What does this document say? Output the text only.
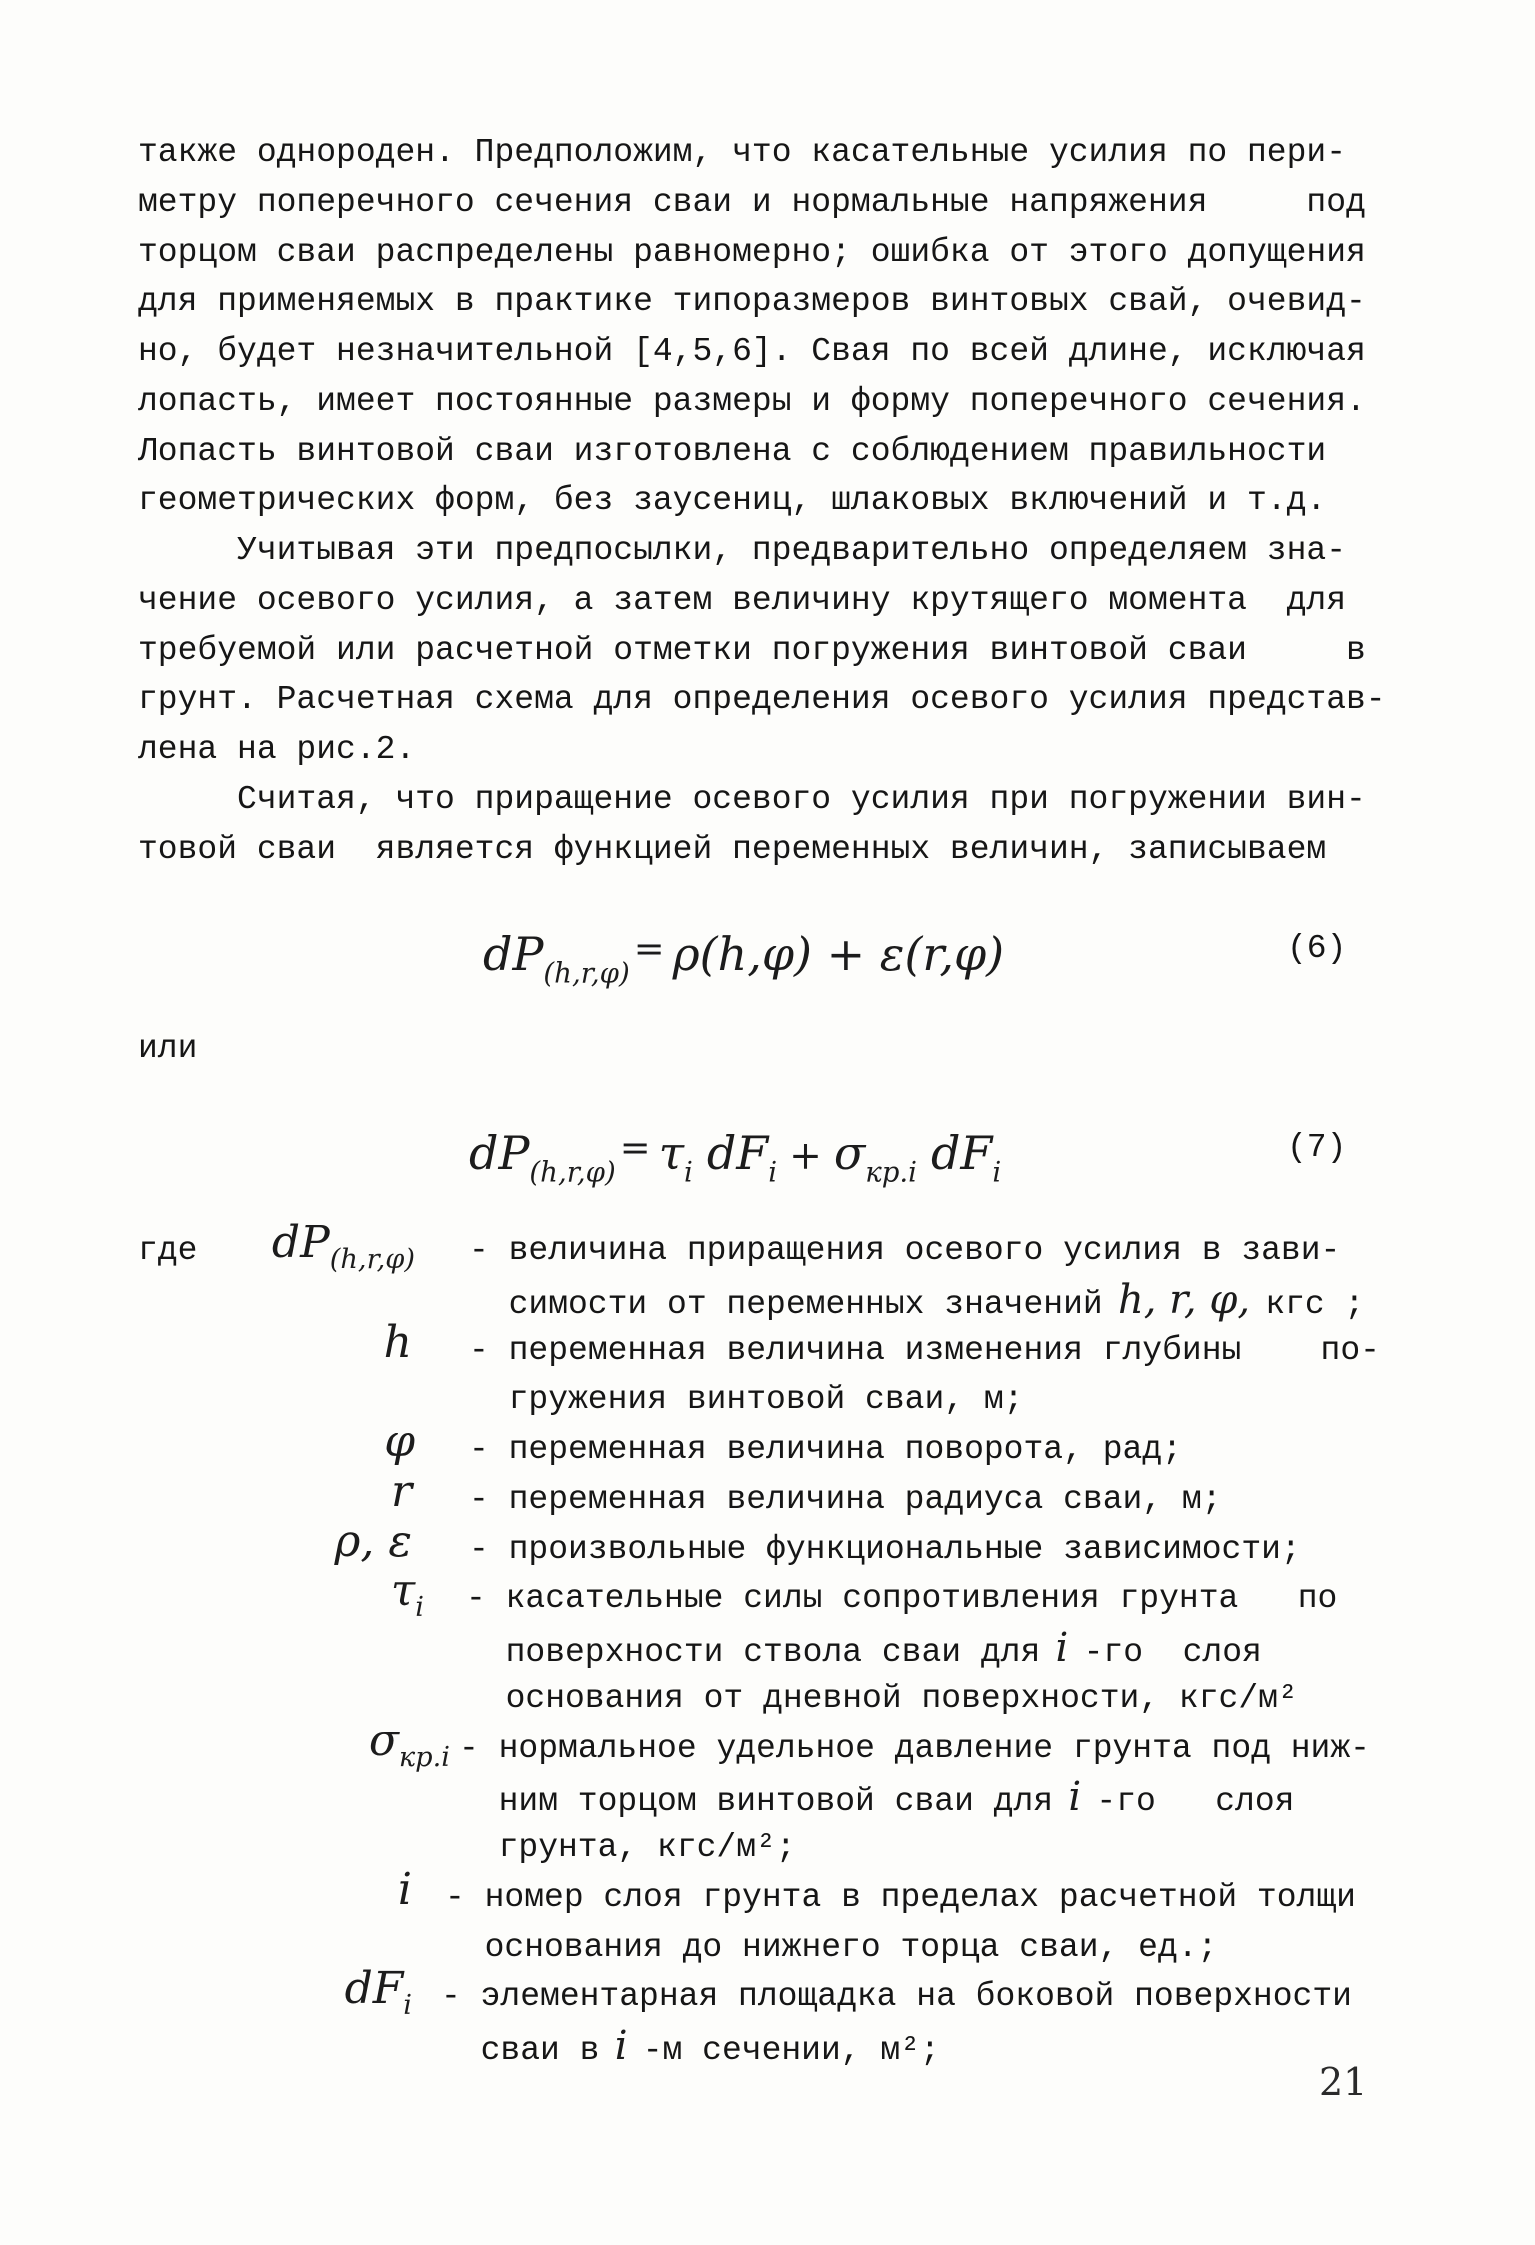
также однороден. Предположим, что касательные усилия по пери-
метру поперечного сечения сваи и нормальные напряжения     под
торцом сваи распределены равномерно; ошибка от этого допущения
для применяемых в практике типоразмеров винтовых свай, очевид-
но, будет незначительной [4,5,6]. Свая по всей длине, исключая
лопасть, имеет постоянные размеры и форму поперечного сечения.
Лопасть винтовой сваи изготовлена с соблюдением правильности
геометрических форм, без заусениц, шлаковых включений и т.д.
Учитывая эти предпосылки, предварительно определяем зна-
чение осевого усилия, а затем величину крутящего момента  для
требуемой или расчетной отметки погружения винтовой сваи     в
грунт. Расчетная схема для определения осевого усилия представ-
лена на рис.2.
Считая, что приращение осевого усилия при погружении вин-
товой сваи  является функцией переменных величин, записываем
$dP_{(h,r,\varphi)}= \rho(h,\varphi) + \varepsilon(r,\varphi)$	(6)
или
$dP_{(h,r,\varphi)}= \tau_i$ $dF_i + \sigma_{кр.i}$ $dF_i$
(7)
где	$dP_{(h,r,\varphi)}$ - величина приращения осевого усилия в зави-
симости от переменных значений h, r, φ, кгс ;
h - переменная величина изменения глубины    по-
гружения винтовой сваи, м;
φ - переменная величина поворота, рад;
r - переменная величина радиуса сваи, м;
ρ, ε - произвольные функциональные зависимости;
$\tau_i$ - касательные силы сопротивления грунта   по
поверхности ствола сваи для i -го  слоя
основания от дневной поверхности, кгс/м²
$\sigma_{кр.i}$ - нормальное удельное давление грунта под ниж-
ним торцом винтовой сваи для i -го   слоя
грунта, кгс/м²;
i - номер слоя грунта в пределах расчетной толщи
основания до нижнего торца сваи, ед.;
$dF_i$ - элементарная площадка на боковой поверхности
сваи в i -м сечении, м²;
21
